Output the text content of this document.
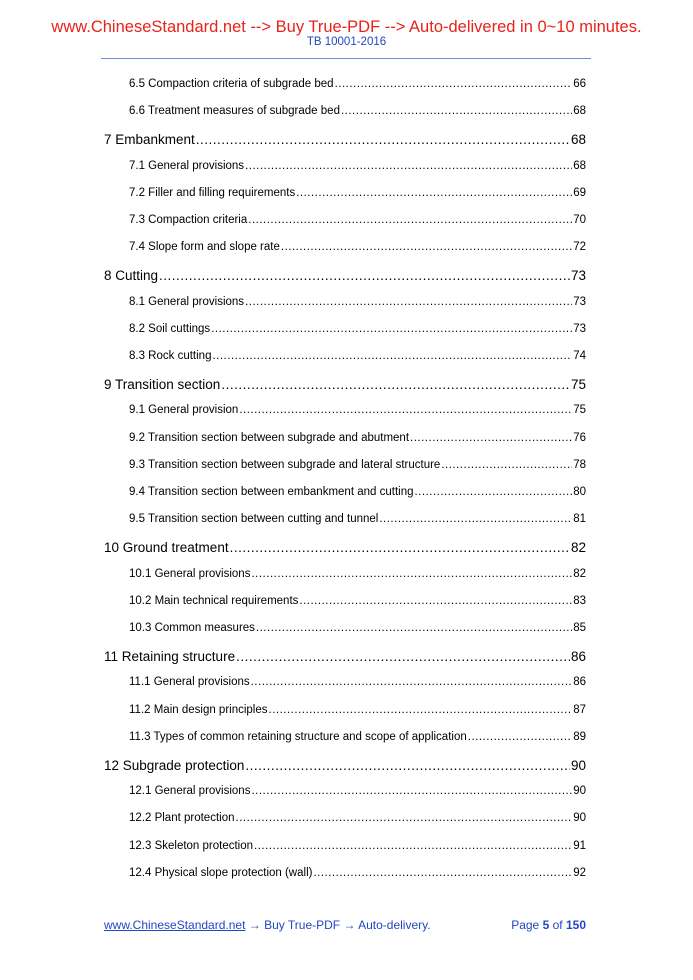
www.ChineseStandard.net --> Buy True-PDF --> Auto-delivered in 0~10 minutes.
TB 10001-2016
6.5 Compaction criteria of subgrade bed .....	66
6.6 Treatment measures of subgrade bed .....	68
7 Embankment .....	68
7.1 General provisions .....	68
7.2 Filler and filling requirements .....	69
7.3 Compaction criteria .....	70
7.4 Slope form and slope rate .....	72
8 Cutting .....	73
8.1 General provisions .....	73
8.2 Soil cuttings .....	73
8.3 Rock cutting .....	74
9 Transition section .....	75
9.1 General provision .....	75
9.2 Transition section between subgrade and abutment .....	76
9.3 Transition section between subgrade and lateral structure .....	78
9.4 Transition section between embankment and cutting .....	80
9.5 Transition section between cutting and tunnel .....	81
10 Ground treatment .....	82
10.1 General provisions .....	82
10.2 Main technical requirements .....	83
10.3 Common measures .....	85
11 Retaining structure .....	86
11.1 General provisions .....	86
11.2 Main design principles .....	87
11.3 Types of common retaining structure and scope of application .....	89
12 Subgrade protection .....	90
12.1 General provisions .....	90
12.2 Plant protection .....	90
12.3 Skeleton protection .....	91
12.4 Physical slope protection (wall) .....	92
www.ChineseStandard.net → Buy True-PDF → Auto-delivery.	Page 5 of 150
